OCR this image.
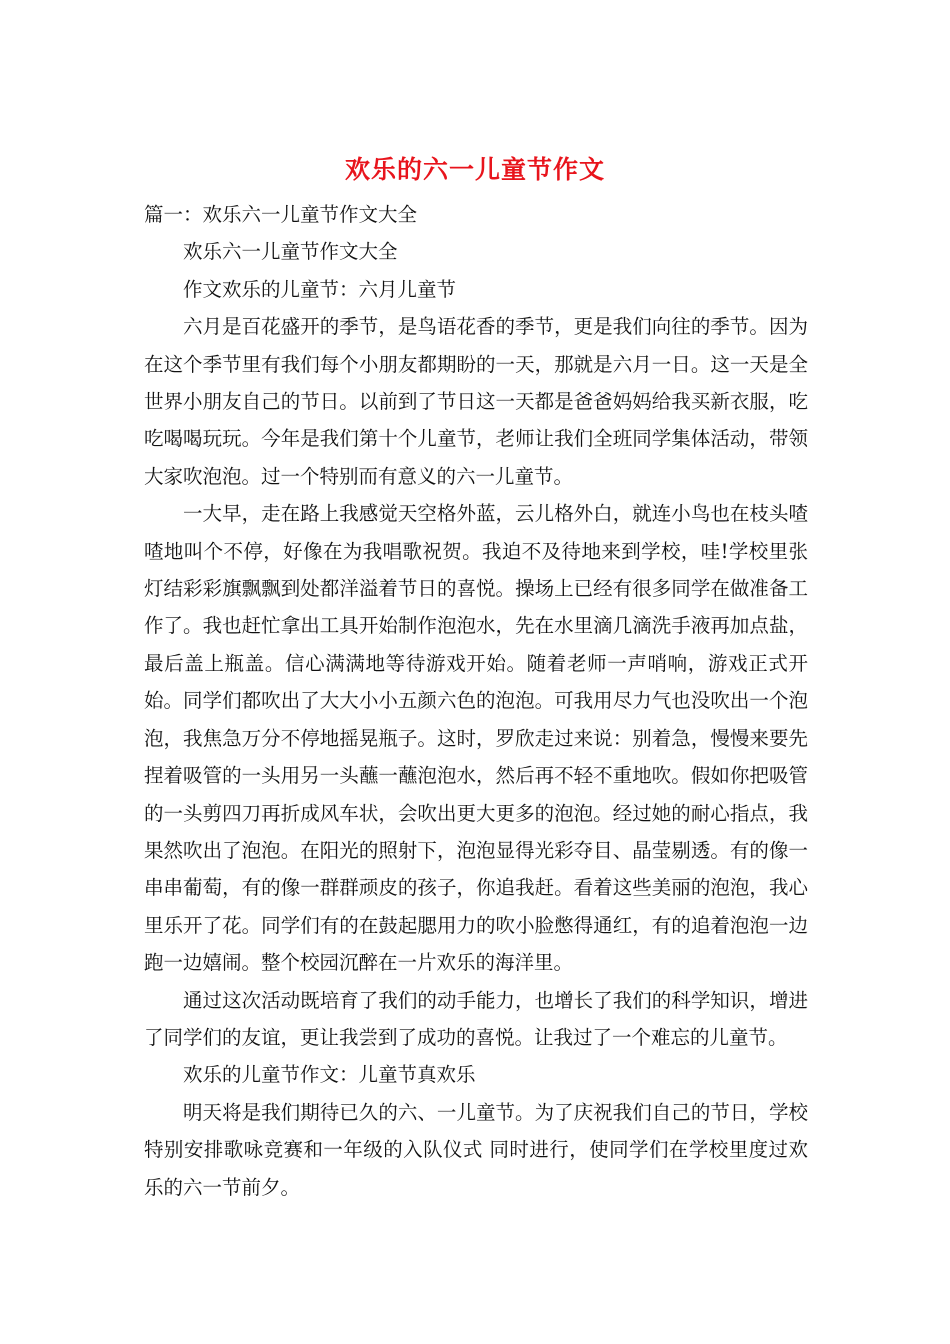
欢乐的六一儿童节作文

篇一：欢乐六一儿童节作文大全

欢乐六一儿童节作文大全

作文欢乐的儿童节：六月儿童节

六月是百花盛开的季节，是鸟语花香的季节，更是我们向往的季节。因为在这个季节里有我们每个小朋友都期盼的一天，那就是六月一日。这一天是全世界小朋友自己的节日。以前到了节日这一天都是爸爸妈妈给我买新衣服，吃吃喝喝玩玩。今年是我们第十个儿童节，老师让我们全班同学集体活动，带领大家吹泡泡。过一个特别而有意义的六一儿童节。

一大早，走在路上我感觉天空格外蓝，云儿格外白，就连小鸟也在枝头喳喳地叫个不停，好像在为我唱歌祝贺。我迫不及待地来到学校，哇!学校里张灯结彩彩旗飘飘到处都洋溢着节日的喜悦。操场上已经有很多同学在做准备工作了。我也赶忙拿出工具开始制作泡泡水，先在水里滴几滴洗手液再加点盐，最后盖上瓶盖。信心满满地等待游戏开始。随着老师一声哨响，游戏正式开始。同学们都吹出了大大小小五颜六色的泡泡。可我用尽力气也没吹出一个泡泡，我焦急万分不停地摇晃瓶子。这时，罗欣走过来说：别着急，慢慢来要先捏着吸管的一头用另一头蘸一蘸泡泡水，然后再不轻不重地吹。假如你把吸管的一头剪四刀再折成风车状，会吹出更大更多的泡泡。经过她的耐心指点，我果然吹出了泡泡。在阳光的照射下，泡泡显得光彩夺目、晶莹剔透。有的像一串串葡萄，有的像一群群顽皮的孩子，你追我赶。看着这些美丽的泡泡，我心里乐开了花。同学们有的在鼓起腮用力的吹小脸憋得通红，有的追着泡泡一边跑一边嬉闹。整个校园沉醉在一片欢乐的海洋里。

通过这次活动既培育了我们的动手能力，也增长了我们的科学知识，增进了同学们的友谊，更让我尝到了成功的喜悦。让我过了一个难忘的儿童节。

欢乐的儿童节作文：儿童节真欢乐

明天将是我们期待已久的六、一儿童节。为了庆祝我们自己的节日，学校特别安排歌咏竞赛和一年级的入队仪式 同时进行，使同学们在学校里度过欢乐的六一节前夕。
